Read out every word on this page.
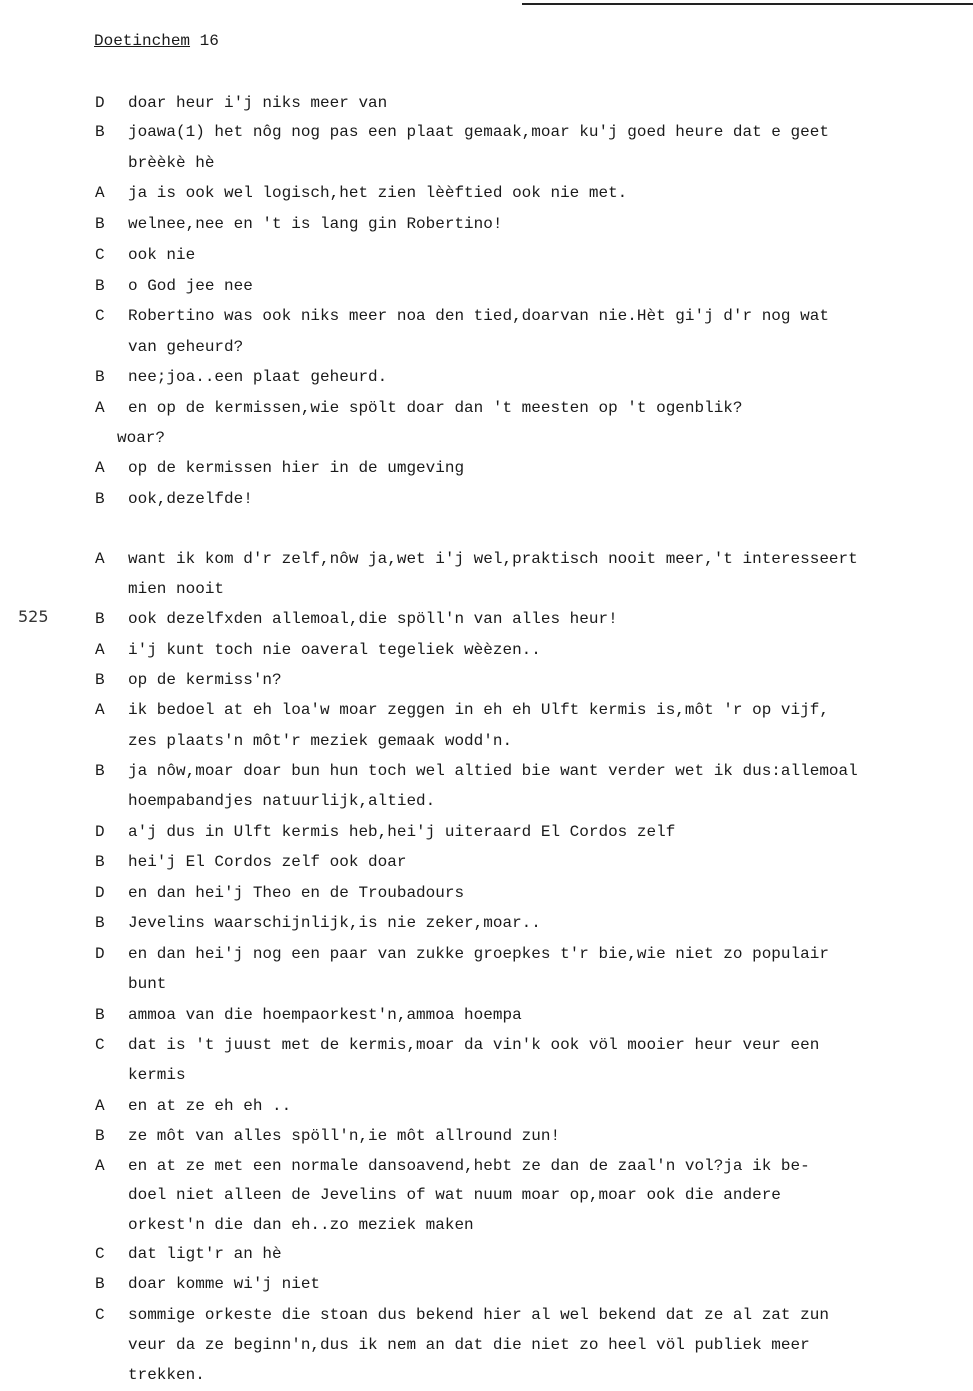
Doetinchem 16
525
D	doar heur i'j niks meer van
B	joawa(1) het nôg nog pas een plaat gemaak,moar ku'j goed heure dat e geet
brèèkè hè
A	ja is ook wel logisch,het zien lèèftied ook nie met.
B	welnee,nee en 't is lang gin Robertino!
C	ook nie
B	o God jee nee
C	Robertino was ook niks meer noa den tied,doarvan nie.Hèt gi'j d'r nog wat
van geheurd?
B	nee;joa..een plaat geheurd.
A	en op de kermissen,wie spölt doar dan 't meesten op 't ogenblik?
woar?
A	op de kermissen hier in de umgeving
B	ook,dezelfde!
A	want ik kom d'r zelf,nôw ja,wet i'j wel,praktisch nooit meer,'t interesseert
mien nooit
B	ook dezelfxden allemoal,die spöll'n van alles heur!
A	i'j kunt toch nie oaveral tegeliek wèèzen..
B	op de kermiss'n?
A	ik bedoel at eh loa'w moar zeggen in eh eh Ulft kermis is,môt 'r op vijf,
zes plaats'n môt'r meziek gemaak wodd'n.
B	ja nôw,moar doar bun hun toch wel altied bie want verder wet ik dus:allemoal
hoempabandjes natuurlijk,altied.
D	a'j dus in Ulft kermis heb,hei'j uiteraard El Cordos zelf
B	hei'j El Cordos zelf ook doar
D	en dan hei'j Theo en de Troubadours
B	Jevelins waarschijnlijk,is nie zeker,moar..
D	en dan hei'j nog een paar van zukke groepkes t'r bie,wie niet zo populair
bunt
B	ammoa van die hoempaorkest'n,ammoa hoempa
C	dat is 't juust met de kermis,moar da vin'k ook völ mooier heur veur een
kermis
A	en at ze eh eh ..
B	ze môt van alles spöll'n,ie môt allround zun!
A	en at ze met een normale dansoavend,hebt ze dan de zaal'n vol?ja ik be-
doel niet alleen de Jevelins of wat nuum moar op,moar ook die andere
orkest'n die dan eh..zo meziek maken
C	dat ligt'r an hè
B	doar komme wi'j niet
C	sommige orkeste die stoan dus bekend hier al wel bekend dat ze al zat zun
veur da ze beginn'n,dus ik nem an dat die niet zo heel völ publiek meer
trekken.
